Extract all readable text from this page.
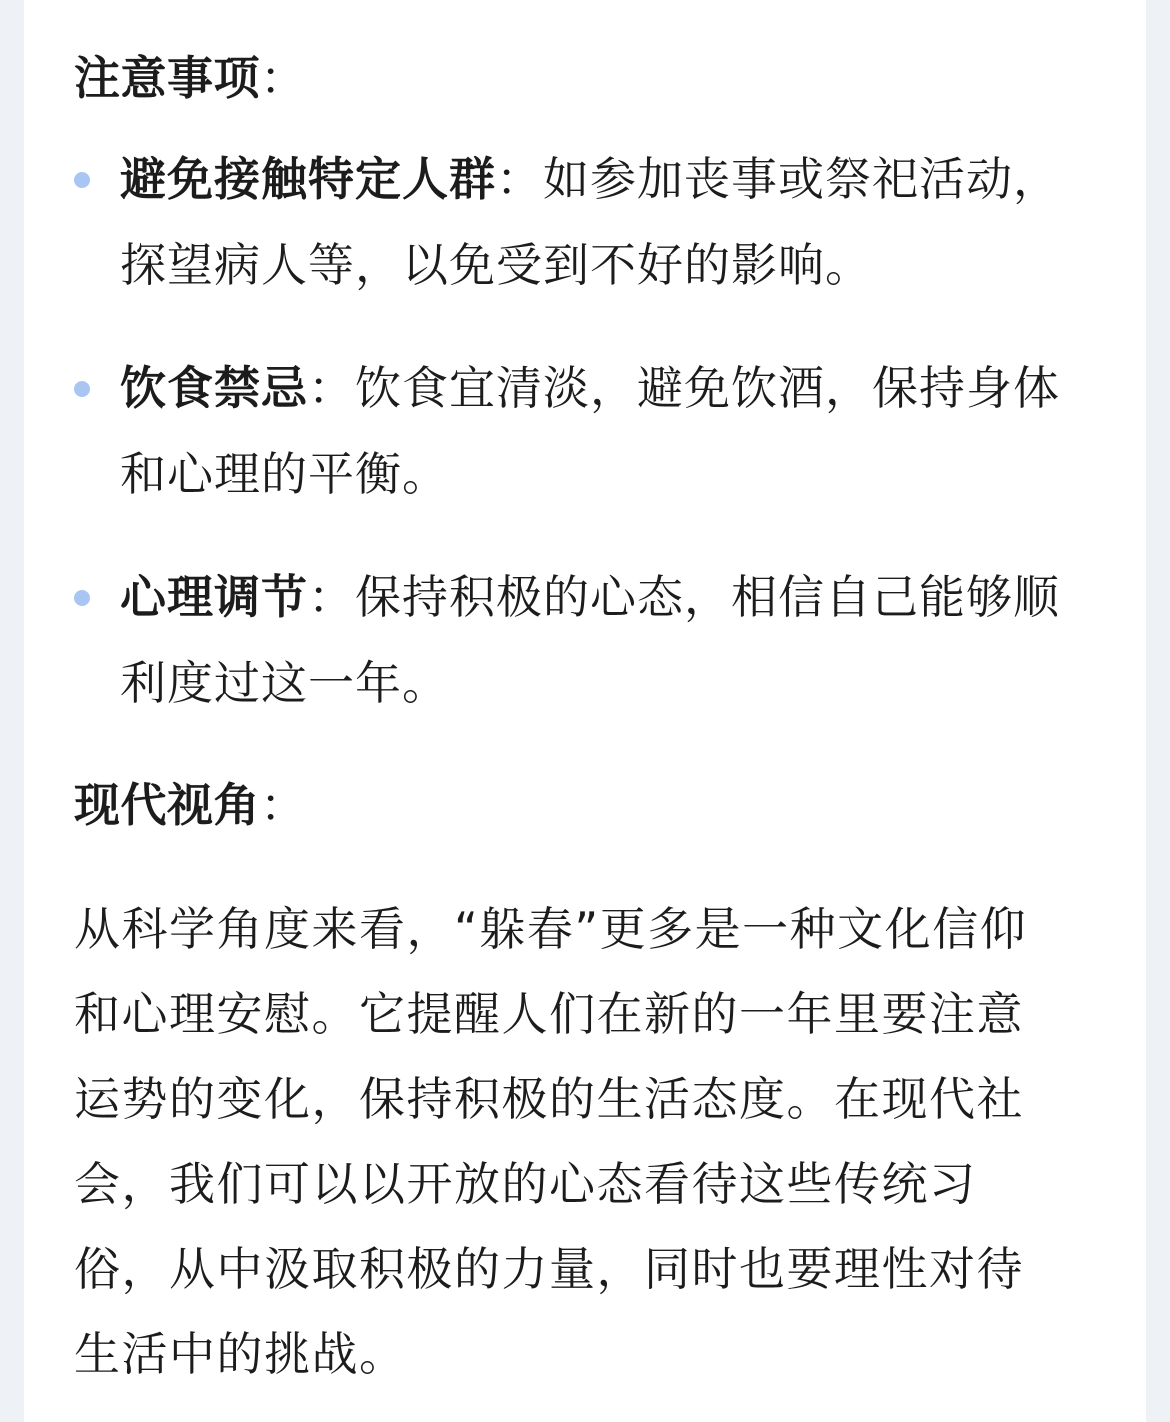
注意事项：
避免接触特定人群：如参加丧事或祭祀活动，探望病人等，以免受到不好的影响。
饮食禁忌：饮食宜清淡，避免饮酒，保持身体和心理的平衡。
心理调节：保持积极的心态，相信自己能够顺利度过这一年。
现代视角：

从科学角度来看，“躲春”更多是一种文化信仰和心理安慰。它提醒人们在新的一年里要注意运势的变化，保持积极的生活态度。在现代社会，我们可以以开放的心态看待这些传统习俗，从中汲取积极的力量，同时也要理性对待生活中的挑战。
